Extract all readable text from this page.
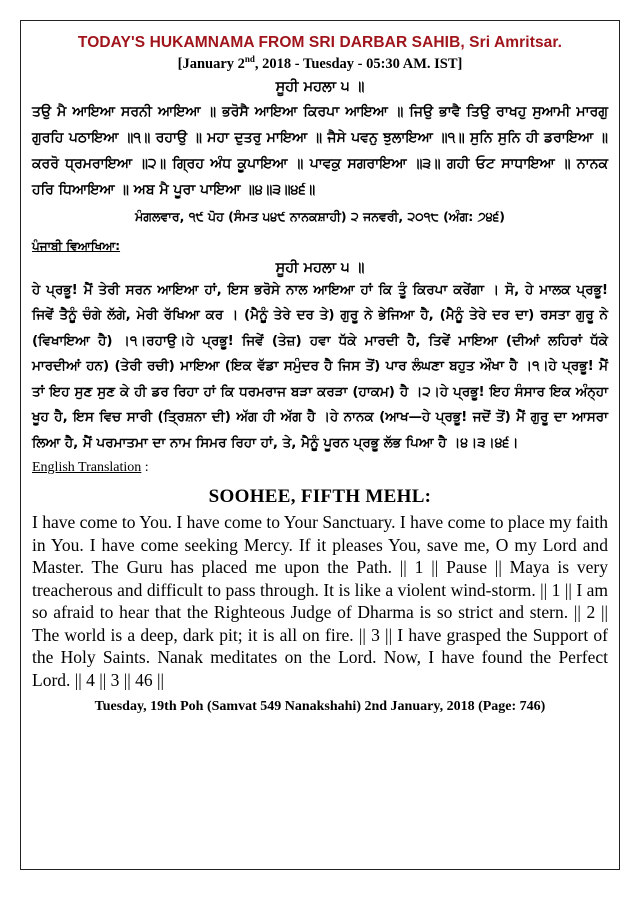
TODAY'S HUKAMNAMA FROM SRI DARBAR SAHIB, Sri Amritsar.
[January 2nd, 2018 - Tuesday - 05:30 AM. IST]
ਸੂਹੀ ਮਹਲਾ ੫ ॥
ਤਉ ਮੈ ਆਇਆ ਸਰਨੀ ਆਇਆ ॥ ਭਰੋਸੈ ਆਇਆ ਕਿਰਪਾ ਆਇਆ ॥ ਜਿਉ ਭਾਵੈ ਤਿਉ ਰਾਖਹੁ ਸੁਆਮੀ ਮਾਰਗੁ ਗੁਰਹਿ ਪਠਾਇਆ ॥੧॥ ਰਹਾਉ ॥ ਮਹਾ ਦੁਤਰੁ ਮਾਇਆ ॥ ਜੈਸੇ ਪਵਨੁ ਝੁਲਾਇਆ ॥੧॥ ਸੁਨਿ ਸੁਨਿ ਹੀ ਡਰਾਇਆ ॥ ਕਰਰੋ ਧ੍ਰਮਰਾਇਆ ॥੨॥ ਗ੍ਰਿਹ ਅੰਧ ਕੂਪਾਇਆ ॥ ਪਾਵਕੁ ਸਗਰਾਇਆ ॥੩॥ ਗਹੀ ਓਟ ਸਾਧਾਇਆ ॥ ਨਾਨਕ ਹਰਿ ਧਿਆਇਆ ॥ ਅਬ ਮੈ ਪੂਰਾ ਪਾਇਆ ॥੪॥੩॥੪੬॥
ਮੰਗਲਵਾਰ, ੧੯ ਪੋਹ (ਸੰਮਤ ੫੪੯ ਨਾਨਕਸ਼ਾਹੀ) ੨ ਜਨਵਰੀ, ੨੦੧੮ (ਅੰਗ: ੭੪੬)
ਪੰਜਾਬੀ ਵਿਆਖਿਆ:
ਸੂਹੀ ਮਹਲਾ ੫ ॥
ਹੇ ਪ੍ਰਭੂ! ਮੈਂ ਤੇਰੀ ਸਰਨ ਆਇਆ ਹਾਂ, ਇਸ ਭਰੋਸੇ ਨਾਲ ਆਇਆ ਹਾਂ ਕਿ ਤੂੰ ਕਿਰਪਾ ਕਰੇਂਗਾ । ਸੋ, ਹੇ ਮਾਲਕ ਪ੍ਰਭੂ! ਜਿਵੇਂ ਤੈਨੂੰ ਚੰਗੇ ਲੱਗੇ, ਮੇਰੀ ਰੱਖਿਆ ਕਰ । (ਮੈਨੂੰ ਤੇਰੇ ਦਰ ਤੇ) ਗੁਰੂ ਨੇ ਭੇਜਿਆ ਹੈ, (ਮੈਨੂੰ ਤੇਰੇ ਦਰ ਦਾ) ਰਸਤਾ ਗੁਰੂ ਨੇ (ਵਿਖਾਇਆ ਹੈ) ।੧।ਰਹਾਉ।ਹੇ ਪ੍ਰਭੂ! ਜਿਵੇਂ (ਤੇਜ਼) ਹਵਾ ਧੱਕੇ ਮਾਰਦੀ ਹੈ, ਤਿਵੇਂ ਮਾਇਆ (ਦੀਆਂ ਲਹਿਰਾਂ ਧੱਕੇ ਮਾਰਦੀਆਂ ਹਨ) (ਤੇਰੀ ਰਚੀ) ਮਾਇਆ (ਇਕ ਵੱਡਾ ਸਮੁੰਦਰ ਹੈ ਜਿਸ ਤੋਂ) ਪਾਰ ਲੰਘਣਾ ਬਹੁਤ ਔਖਾ ਹੈ ।੧।ਹੇ ਪ੍ਰਭੂ! ਮੈਂ ਤਾਂ ਇਹ ਸੁਣ ਸੁਣ ਕੇ ਹੀ ਡਰ ਰਿਹਾ ਹਾਂ ਕਿ ਧਰਮਰਾਜ ਬੜਾ ਕਰੜਾ (ਹਾਕਮ) ਹੈ ।੨।ਹੇ ਪ੍ਰਭੂ! ਇਹ ਸੰਸਾਰ ਇਕ ਅੰਨ੍ਹਾ ਖੂਹ ਹੈ, ਇਸ ਵਿਚ ਸਾਰੀ (ਤ੍ਰਿਸ਼ਨਾ ਦੀ) ਅੱਗ ਹੀ ਅੱਗ ਹੈ ।ਹੇ ਨਾਨਕ (ਆਖ—ਹੇ ਪ੍ਰਭੂ! ਜਦੋਂ ਤੋਂ) ਮੈਂ ਗੁਰੂ ਦਾ ਆਸਰਾ ਲਿਆ ਹੈ, ਮੈਂ ਪਰਮਾਤਮਾ ਦਾ ਨਾਮ ਸਿਮਰ ਰਿਹਾ ਹਾਂ, ਤੇ, ਮੈਨੂੰ ਪੂਰਨ ਪ੍ਰਭੂ ਲੱਭ ਪਿਆ ਹੈ ।੪।੩।੪੬।
English Translation :
SOOHEE, FIFTH MEHL:
I have come to You. I have come to Your Sanctuary. I have come to place my faith in You. I have come seeking Mercy. If it pleases You, save me, O my Lord and Master. The Guru has placed me upon the Path. || 1 || Pause || Maya is very treacherous and difficult to pass through. It is like a violent wind-storm. || 1 || I am so afraid to hear that the Righteous Judge of Dharma is so strict and stern. || 2 || The world is a deep, dark pit; it is all on fire. || 3 || I have grasped the Support of the Holy Saints. Nanak meditates on the Lord. Now, I have found the Perfect Lord. || 4 || 3 || 46 ||
Tuesday, 19th Poh (Samvat 549 Nanakshahi) 2nd January, 2018 (Page: 746)
